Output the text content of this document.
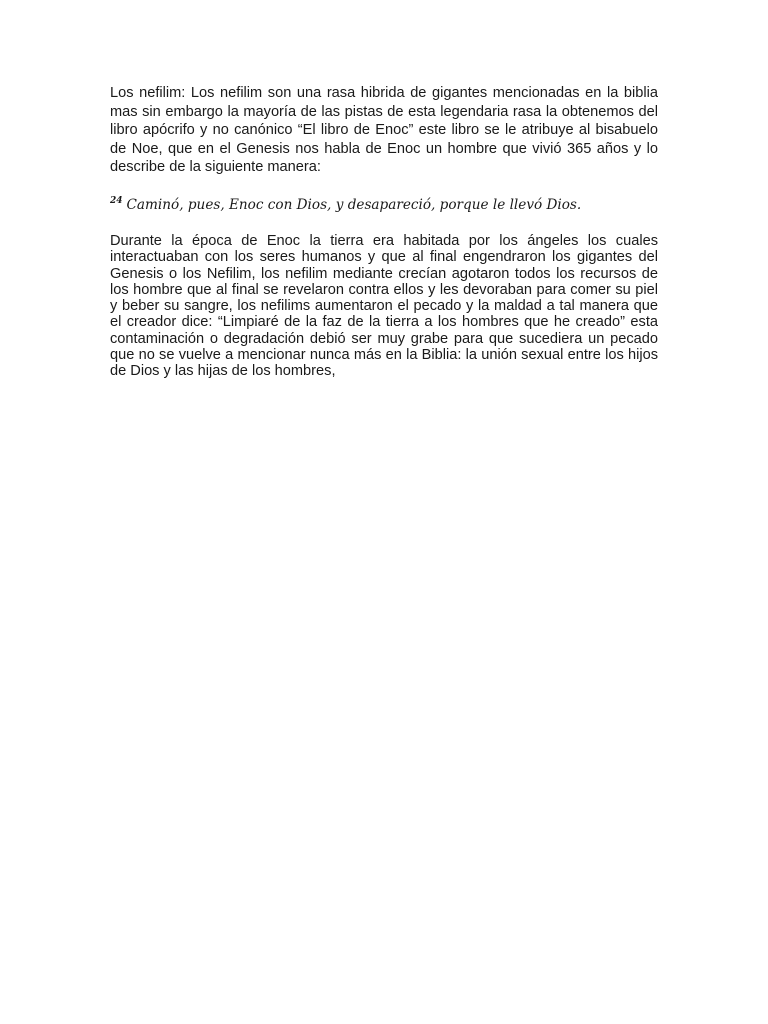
Los nefilim: Los nefilim son una rasa hibrida de gigantes mencionadas en la biblia mas sin embargo la mayoría de las pistas de esta legendaria rasa la obtenemos del libro apócrifo y no canónico “El libro de Enoc” este libro se le atribuye al bisabuelo de Noe, que en el Genesis nos habla de Enoc un hombre que vivió 365 años y lo describe de la siguiente manera:

$^{24}$ Caminó, pues, Enoc con Dios, y desapareció, porque le llevó Dios.

Durante la época de Enoc la tierra era habitada por los ángeles los cuales interactuaban con los seres humanos y que al final engendraron los gigantes del Genesis o los Nefilim, los nefilim mediante crecían agotaron todos los recursos de los hombre que al final se revelaron contra ellos y les devoraban para comer su piel y beber su sangre, los nefilims aumentaron el pecado y la maldad a tal manera que el creador dice: “Limpiaré de la faz de la tierra a los hombres que he creado” esta contaminación o degradación debió ser muy grabe para que sucediera un pecado que no se vuelve a mencionar nunca más en la Biblia: la unión sexual entre los hijos de Dios y las hijas de los hombres,
